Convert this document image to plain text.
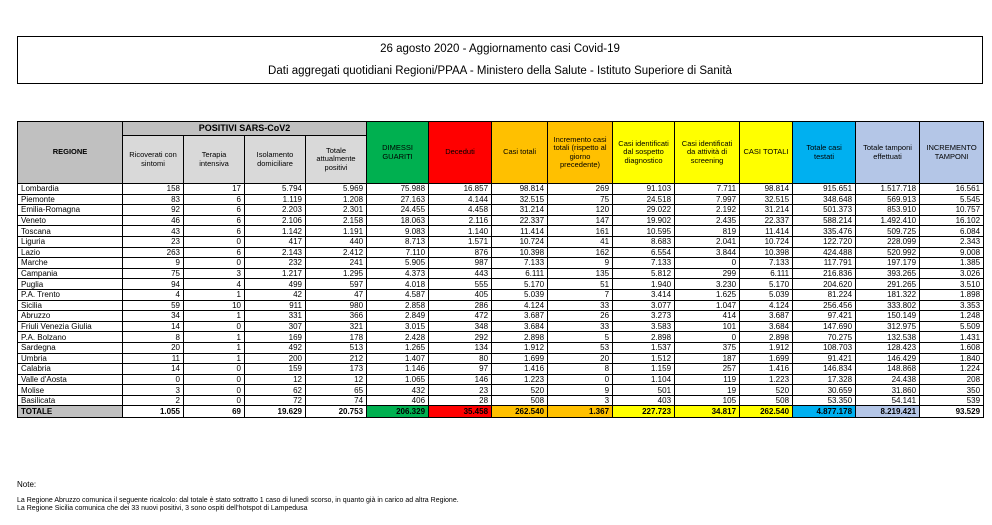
26 agosto 2020 - Aggiornamento casi Covid-19
Dati aggregati quotidiani Regioni/PPAA - Ministero della Salute - Istituto Superiore di Sanità
REGIONE	POSITIVI SARS-CoV2				DIMESSI GUARITI	Deceduti	Casi totali	Incremento casi totali (rispetto al giorno precedente)	Casi identificati dal sospetto diagnostico	Casi identificati da attività di screening	CASI TOTALI	Totale casi testati	Totale tamponi effettuati	INCREMENTO TAMPONI
	Ricoverati con sintomi	Terapia intensiva	Isolamento domiciliare	Totale attualmente positivi										
Lombardia	158	17	5.794	5.969	75.988	16.857	98.814	269	91.103	7.711	98.814	915.651	1.517.718	16.561
Piemonte	83	6	1.119	1.208	27.163	4.144	32.515	75	24.518	7.997	32.515	348.648	569.913	5.545
Emilia-Romagna	92	6	2.203	2.301	24.455	4.458	31.214	120	29.022	2.192	31.214	501.373	853.910	10.757
Veneto	46	6	2.106	2.158	18.063	2.116	22.337	147	19.902	2.435	22.337	588.214	1.492.410	16.102
Toscana	43	6	1.142	1.191	9.083	1.140	11.414	161	10.595	819	11.414	335.476	509.725	6.084
Liguria	23	0	417	440	8.713	1.571	10.724	41	8.683	2.041	10.724	122.720	228.099	2.343
Lazio	263	6	2.143	2.412	7.110	876	10.398	162	6.554	3.844	10.398	424.488	520.992	9.008
Marche	9	0	232	241	5.905	987	7.133	9	7.133	0	7.133	117.791	197.179	1.385
Campania	75	3	1.217	1.295	4.373	443	6.111	135	5.812	299	6.111	216.836	393.265	3.026
Puglia	94	4	499	597	4.018	555	5.170	51	1.940	3.230	5.170	204.620	291.265	3.510
P.A. Trento	4	1	42	47	4.587	405	5.039	7	3.414	1.625	5.039	81.224	181.322	1.898
Sicilia	59	10	911	980	2.858	286	4.124	33	3.077	1.047	4.124	256.456	333.802	3.353
Abruzzo	34	1	331	366	2.849	472	3.687	26	3.273	414	3.687	97.421	150.149	1.248
Friuli Venezia Giulia	14	0	307	321	3.015	348	3.684	33	3.583	101	3.684	147.690	312.975	5.509
P.A. Bolzano	8	1	169	178	2.428	292	2.898	5	2.898	0	2.898	70.275	132.538	1.431
Sardegna	20	1	492	513	1.265	134	1.912	53	1.537	375	1.912	108.703	128.423	1.608
Umbria	11	1	200	212	1.407	80	1.699	20	1.512	187	1.699	91.421	146.429	1.840
Calabria	14	0	159	173	1.146	97	1.416	8	1.159	257	1.416	146.834	148.868	1.224
Valle d'Aosta	0	0	12	12	1.065	146	1.223	0	1.104	119	1.223	17.328	24.438	208
Molise	3	0	62	65	432	23	520	9	501	19	520	30.659	31.860	350
Basilicata	2	0	72	74	406	28	508	3	403	105	508	53.350	54.141	539
TOTALE	1.055	69	19.629	20.753	206.329	35.458	262.540	1.367	227.723	34.817	262.540	4.877.178	8.219.421	93.529

Note:

La Regione Abruzzo comunica il seguente ricalcolo: dal totale è stato sottratto 1 caso di lunedì scorso, in quanto già in carico ad altra Regione.

La Regione Sicilia comunica che dei 33 nuovi positivi, 3 sono ospiti dell'hotspot di Lampedusa
